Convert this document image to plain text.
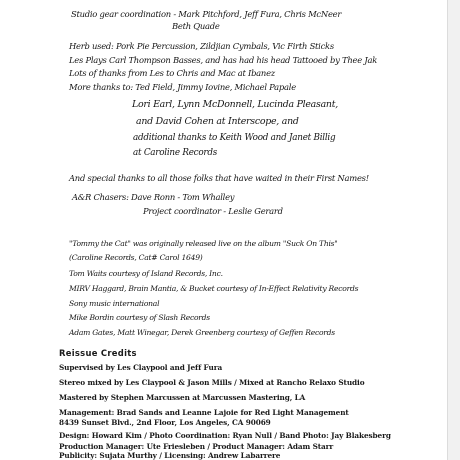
Studio gear coordination - Mark Pitchford, Jeff Fura, Chris McNeer
Beth Quade
Herb used: Pork Pie Percussion, Zildjian Cymbals, Vic Firth Sticks
Les Plays Carl Thompson Basses, and has had his head Tattooed by Thee Jak
Lots of thanks from Les to Chris and Mac at Ibanez
More thanks to: Ted Field, Jimmy Iovine, Michael Papale
Lori Earl, Lynn McDonnell, Lucinda Pleasant,
and David Cohen at Interscope, and
additional thanks to Keith Wood and Janet Billig
at Caroline Records
And special thanks to all those folks that have waited in their First Names!
A&R Chasers: Dave Ronn - Tom Whalley
Project coordinator - Leslie Gerard
"Tommy the Cat" was originally released live on the album "Suck On This"
(Caroline Records, Cat# Carol 1649)
Tom Waits courtesy of Island Records, Inc.
MIRV Haggard, Brain Mantia, & Bucket courtesy of In-Effect Relativity Records
Sony music international
Mike Bordin courtesy of Slash Records
Adam Gates, Matt Winegar, Derek Greenberg courtesy of Geffen Records
Reissue Credits
Supervised by Les Claypool and Jeff Fura
Stereo mixed by Les Claypool & Jason Mills / Mixed at Rancho Relaxo Studio
Mastered by Stephen Marcussen at Marcussen Mastering, LA
Management: Brad Sands and Leanne Lajoie for Red Light Management
8439 Sunset Blvd., 2nd Floor, Los Angeles, CA 90069
Design: Howard Kim / Photo Coordination: Ryan Null / Band Photo: Jay Blakesberg
Production Manager: Ute Friesleben / Product Manager: Adam Starr
Publicity: Sujata Murthy / Licensing: Andrew Labarrere
